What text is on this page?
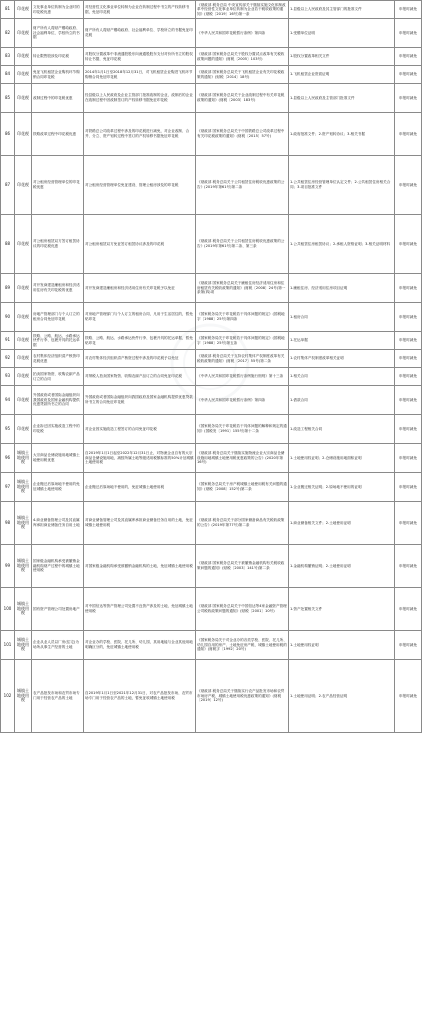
81	印花税	文化事业单位转制为企业时的印花税优惠	对经营性文化事业单位转制为企业在转制过程中书立的产权转移书据，免征印花税	《财政部 税务总局 中央宣传部关于继续实施文化体制改革中经营性文化事业单位转制为企业若干税收政策的通知》(财税〔2019〕16号)第一条	1.县级以上人民政府及其主管部门的批准文件	申报时减免
82	印花税	财产所有人将财产赠给政府、社会福利单位、学校所立的书据	财产所有人将财产赠给政府、社会福利单位、学校所立的书据免征印花税	《中华人民共和国印花税暂行条例》第四条	1.受赠单位证明	申报时减免
83	印花税	转让限售股涉及印花税	对股权分置改革中非流通股股东向流通股股东支付对价所书立的股权转让书据，免征印花税	《财政部 国家税务总局关于股权分置试点改革有关税收政策问题的通知》(财税〔2005〕103号)	1.股权分置改革相关文件	申报时减免
84	印花税	免征飞机租赁企业购机环节购销合同印花税	2014年1月1日至2018年12月31日，对飞机租赁企业购进飞机环节购销合同免征印花税	《财政部 国家税务总局关于飞机租赁企业有关印花税政策的通知》(财税〔2014〕18号)	1.飞机租赁企业资质证明	申报时减免
85	印花税	改制过程中的印花税优惠	经县级以上人民政府及企业主管部门批准改制的企业，改制后的企业在改制过程中因改制签订的产权转移书据免征印花税	《财政部 国家税务总局关于企业改制过程中有关印花税政策的通知》(财税〔2003〕183号)	1.县级以上人民政府及主管部门批准文件	申报时减免
86	印花税	铁路改革过程中印花税优惠	对铁路总公司改革过程中涉及的印花税进行减免，对企业改制、合并、分立、资产划转过程中签订的产权转移书据免征印花税	《财政部 国家税务总局关于中国铁路总公司改革过程中有关印花税政策的通知》(财税〔2015〕57号)	1.政府批准文件；2.资产划转协议；3.相关书据	申报时减免
87	印花税	对公租房经营管理单位的印花税优惠	对公租房经营管理单位免征建设、管理公租房涉及的印花税	《财政部 税务总局关于公共租赁住房税收优惠政策的公告》(2019年第61号)第二条	1.公共租赁住房经营管理单位认定文件；2.公共租赁住房相关合同；3.项目批准文件	申报时减免
88	印花税	对公租房租赁双方签订租赁协议的印花税优惠	对公租房租赁双方免征签订租赁协议涉及的印花税	《财政部 税务总局关于公共租赁住房税收优惠政策的公告》(2019年第61号)第二条、第三条	1.公共租赁住房租赁协议；2.承租人资格证明；3.相关证明材料	申报时减免
89	印花税	对开发商建造廉租房和经济适用住房有关印花税的优惠	对开发商建造廉租房和经济适用住房有关印花税予以免征	《财政部 国家税务总局关于廉租住房经济适用住房和住房租赁有关税收政策的通知》(财税〔2008〕24号)第一条第(四)项	1.廉租住房、经济适用住房项目证明	申报时减免
90	印花税	房地产管理部门与个人订立的租房合同免征印花税	对房地产管理部门与个人订立的租房合同，凡用于生活居住的，暂免贴印花	《国家税务局关于印花税若干具体问题的规定》(国税地字〔1988〕25号)第四条	1.租房合同	申报时减免
91	印花税	铁路、公路、航运、水路承运快件行李、包裹开具的托运单据	铁路、公路、航运、水路承运快件行李、包裹开具的托运单据，暂免贴印花	《国家税务局关于印花税若干具体问题的规定》(国税地字〔1988〕25号)第五条	1.托运单据	申报时减免
92	印花税	农村集体经济组织清产核资印花税优惠	对农村集体经济组织清产核资过程中涉及的印花税予以免征	《财政部 税务总局关于支持农村集体产权制度改革有关税收政策的通知》(财税〔2017〕55号)第二条	1.农村集体产权制度改革相关证明	申报时减免
93	印花税	拍卖国家物资、收购农副产品订立的合同	对纳税人拍卖国家物资、收购农副产品订立的合同免征印花税	《中华人民共和国印花税暂行条例施行细则》第十三条	1.相关合同	申报时减免
94	印花税	外国政府或者国际金融组织向我国政府及国家金融机构提供优惠贷款所书立的合同	外国政府或者国际金融组织向我国政府及国家金融机构提供优惠贷款所书立的合同免征印花税	《中华人民共和国印花税暂行条例》第四条	1.借款合同	申报时减免
95	印花税	企业拆迁因实施改造工程中的印花税	对企业因实施改造工程签订的合同免征印花税	《国家税务局关于印花税若干具体问题的解释和规定的通知》(国税发〔1991〕155号)第十二条	1.改造工程相关合同	申报时减免
96	城镇土地使用税	大宗商品仓储设施用地城镇土地使用税优惠	自2019年1月1日起至2022年12月31日止，对物流企业自有的大宗商品仓储设施用地，减按所属土地等级适用税额标准的50%计征城镇土地使用税	《财政部 税务总局关于继续实施物流企业大宗商品仓储设施用地城镇土地使用税优惠政策的公告》(2020年第16号)	1.土地使用权证明；2.仓储设施用地面积证明	申报时减免
97	城镇土地使用税	企业搬迁后原场地不使用的免征城镇土地使用税	企业搬迁后原场地不使用的，免征城镇土地使用税	《国家税务总局关于房产税城镇土地使用税有关问题的通知》(财税〔2008〕152号)第二条	1.企业搬迁相关证明；2.原场地不使用的证明	申报时减免
98	城镇土地使用税	4.商业储备管理公司及其直属库承担商业储备任务自用土地	对商业储备管理公司及其直属库承担商业储备任务自用的土地，免征城镇土地使用税	《财政部 税务总局关于部分国家储备商品有关税收政策的公告》(2019年第77号)第二条	1.商业储备相关文件；2.土地使用证明	申报时减免
99	城镇土地使用税	国家级金融机构承受被撤销金融机构财产过程中的城镇土地使用税	对国家级金融机构承受被撤销金融机构的土地，免征城镇土地使用税	《财政部 国家税务总局关于被撤销金融机构有关税收政策问题的通知》(财税〔2003〕141号)第二条	1.金融机构撤销证明；2.土地使用证明	申报时减免
100	城镇土地使用税	国有资产管理公司处置房地产	对中国信达等资产管理公司处置不良资产涉及的土地，免征城镇土地使用税	《财政部 国家税务总局关于中国信达等4家金融资产管理公司税收政策问题的通知》(财税〔2001〕10号)	1.资产处置相关文件	申报时减免
101	城镇土地使用税	企业从业人员以厂房(住宅)为场所从事生产经营的土地	对企业办的学校、医院、托儿所、幼儿园，其用地能与企业其他用地明确区分的，免征城镇土地使用税	《国家税务局关于对企业办的各类学校、医院、托儿所、幼儿园自用的房产、土地免征房产税、城镇土地使用税的通知》(财税字〔1992〕20号)	1.土地使用权证明	申报时减免
102	城镇土地使用税	农产品批发市场和农贸市场专门用于经营农产品的土地	自2019年1月1日至2021年12月31日，对农产品批发市场、农贸市场专门用于经营农产品的土地，暂免征收城镇土地使用税	《财政部 税务总局关于继续实行农产品批发市场和农贸市场房产税、城镇土地使用税优惠政策的通知》(财税〔2019〕12号)	1.土地使用证明；2.农产品经营证明	申报时减免
